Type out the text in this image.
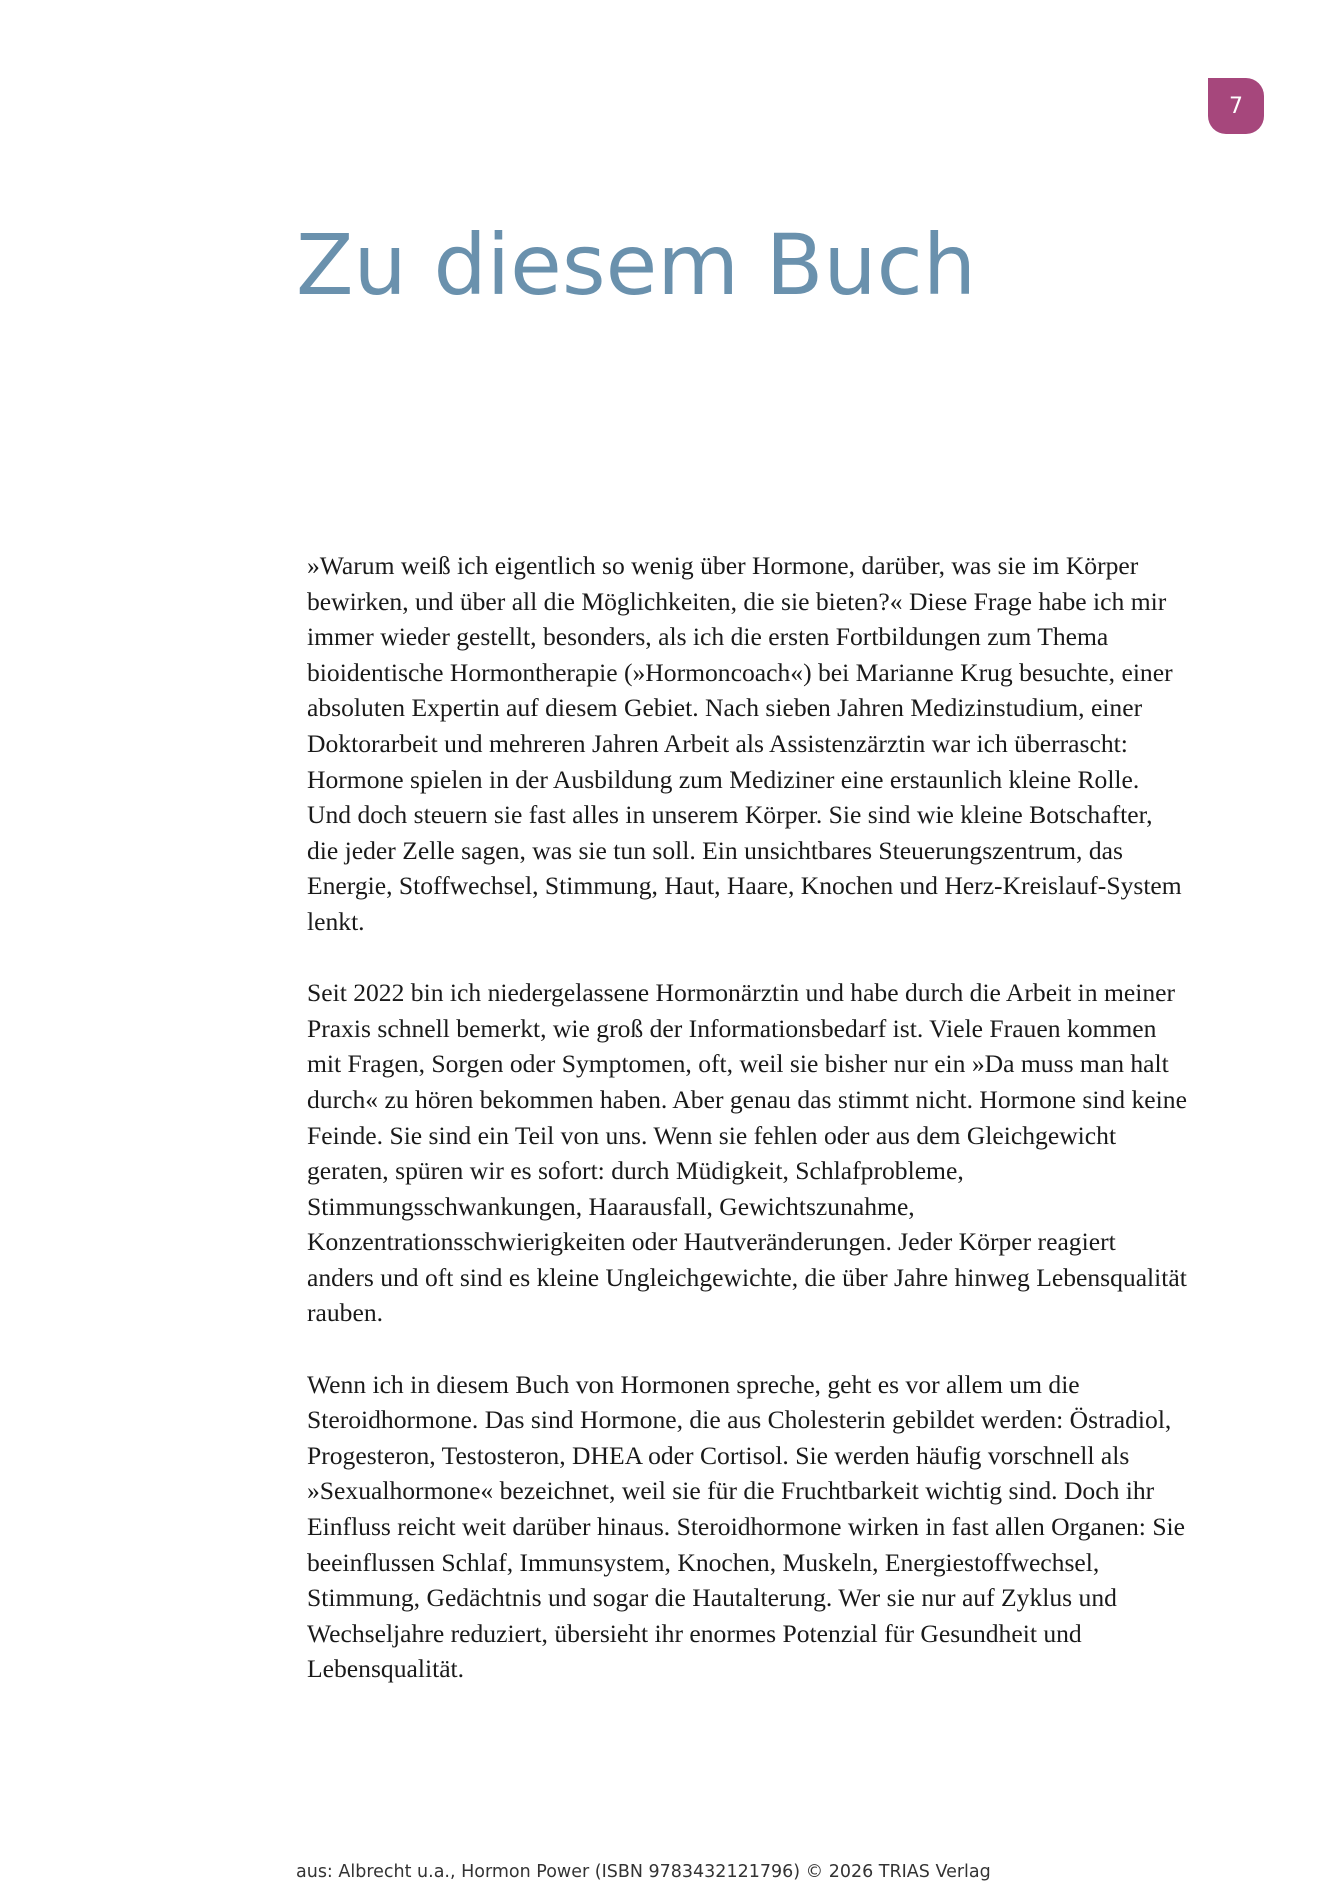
7
Zu diesem Buch

»Warum weiß ich eigentlich so wenig über Hormone, darüber, was sie im Körper bewirken, und über all die Möglichkeiten, die sie bieten?« Diese Frage habe ich mir immer wieder gestellt, besonders, als ich die ersten Fortbildungen zum Thema bioidentische Hormontherapie (»Hormoncoach«) bei Marianne Krug besuchte, einer absoluten Expertin auf diesem Gebiet. Nach sieben Jahren Medizinstudium, einer Doktorarbeit und mehreren Jahren Arbeit als Assistenzärztin war ich überrascht: Hormone spielen in der Ausbildung zum Mediziner eine erstaunlich kleine Rolle. Und doch steuern sie fast alles in unserem Körper. Sie sind wie kleine Botschafter, die jeder Zelle sagen, was sie tun soll. Ein unsichtbares Steuerungszentrum, das Energie, Stoffwechsel, Stimmung, Haut, Haare, Knochen und Herz-Kreislauf-System lenkt.

Seit 2022 bin ich niedergelassene Hormonärztin und habe durch die Arbeit in meiner Praxis schnell bemerkt, wie groß der Informationsbedarf ist. Viele Frauen kommen mit Fragen, Sorgen oder Symptomen, oft, weil sie bisher nur ein »Da muss man halt durch« zu hören bekommen haben. Aber genau das stimmt nicht. Hormone sind keine Feinde. Sie sind ein Teil von uns. Wenn sie fehlen oder aus dem Gleichgewicht geraten, spüren wir es sofort: durch Müdigkeit, Schlafprobleme, Stimmungsschwankungen, Haarausfall, Gewichtszunahme, Konzentrationsschwierigkeiten oder Hautveränderungen. Jeder Körper reagiert anders und oft sind es kleine Ungleichgewichte, die über Jahre hinweg Lebensqualität rauben.

Wenn ich in diesem Buch von Hormonen spreche, geht es vor allem um die Steroidhormone. Das sind Hormone, die aus Cholesterin gebildet werden: Östradiol, Progesteron, Testosteron, DHEA oder Cortisol. Sie werden häufig vorschnell als »Sexualhormone« bezeichnet, weil sie für die Fruchtbarkeit wichtig sind. Doch ihr Einfluss reicht weit darüber hinaus. Steroidhormone wirken in fast allen Organen: Sie beeinflussen Schlaf, Immunsystem, Knochen, Muskeln, Energiestoffwechsel, Stimmung, Gedächtnis und sogar die Hautalterung. Wer sie nur auf Zyklus und Wechseljahre reduziert, übersieht ihr enormes Potenzial für Gesundheit und Lebensqualität.

aus: Albrecht u.a., Hormon Power (ISBN 9783432121796) © 2026 TRIAS Verlag
